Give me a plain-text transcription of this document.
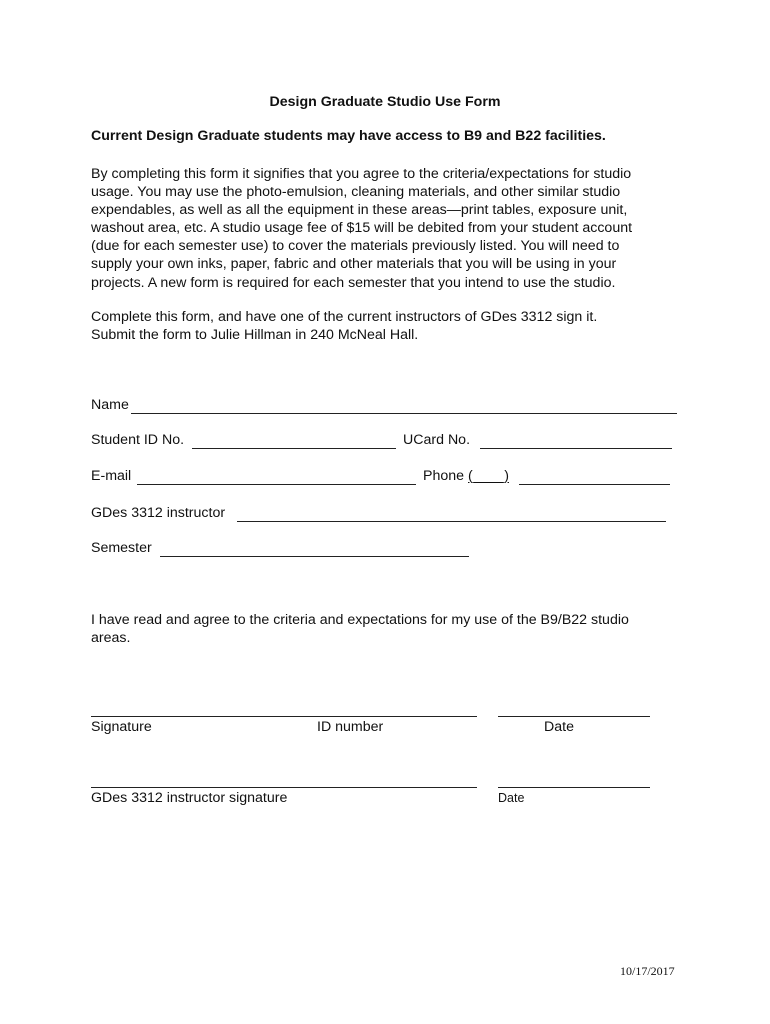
Design Graduate Studio Use Form
Current Design Graduate students may have access to B9 and B22 facilities.
By completing this form it signifies that you agree to the criteria/expectations for studio
usage. You may use the photo-emulsion, cleaning materials, and other similar studio
expendables, as well as all the equipment in these areas—print tables, exposure unit,
washout area, etc. A studio usage fee of $15 will be debited from your student account
(due for each semester use) to cover the materials previously listed. You will need to
supply your own inks, paper, fabric and other materials that you will be using in your
projects. A new form is required for each semester that you intend to use the studio.
Complete this form, and have one of the current instructors of GDes 3312 sign it.
Submit the form to Julie Hillman in 240 McNeal Hall.
Name
Student ID No.	UCard No.
E-mail	Phone (____)
GDes 3312 instructor
Semester
I have read and agree to the criteria and expectations for my use of the B9/B22 studio
areas.
Signature	ID number	Date
GDes 3312 instructor signature	Date
10/17/2017
